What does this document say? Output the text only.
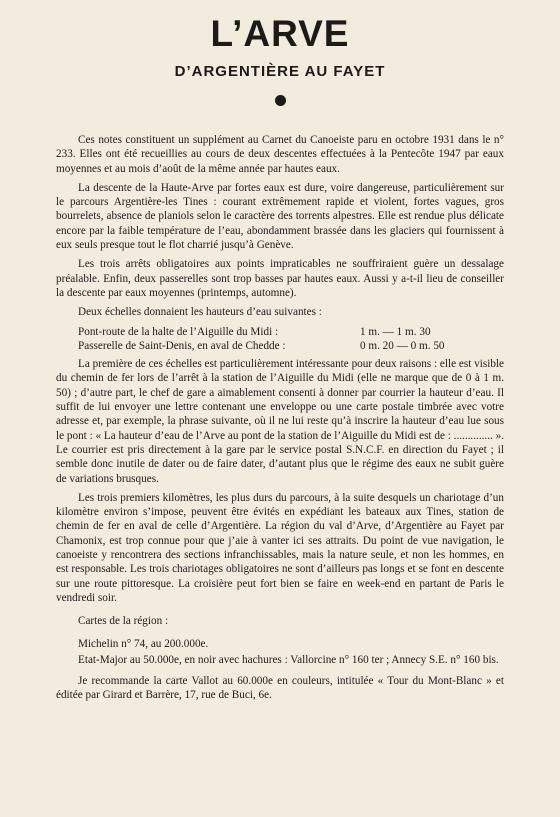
L’ARVE
D’ARGENTIÈRE AU FAYET

Ces notes constituent un supplément au Carnet du Canoeiste paru en octobre 1931 dans le n° 233. Elles ont été recueillies au cours de deux descentes effectuées à la Pentecôte 1947 par eaux moyennes et au mois d’août de la même année par hautes eaux.

La descente de la Haute-Arve par fortes eaux est dure, voire dangereuse, particulièrement sur le parcours Argentière-les Tines : courant extrêmement rapide et violent, fortes vagues, gros bourrelets, absence de planiols selon le caractère des torrents alpestres. Elle est rendue plus délicate encore par la faible température de l’eau, abondamment brassée dans les glaciers qui fournissent à eux seuls presque tout le flot charrié jusqu’à Genève.

Les trois arrêts obligatoires aux points impraticables ne souffriraient guère un dessalage préalable. Enfin, deux passerelles sont trop basses par hautes eaux. Aussi y a-t-il lieu de conseiller la descente par eaux moyennes (printemps, automne).

Deux échelles donnaient les hauteurs d’eau suivantes :

Pont-route de la halte de l’Aiguille du Midi :	1 m. — 1 m. 30
Passerelle de Saint-Denis, en aval de Chedde :	0 m. 20 — 0 m. 50

La première de ces échelles est particulièrement intéressante pour deux raisons : elle est visible du chemin de fer lors de l’arrêt à la station de l’Aiguille du Midi (elle ne marque que de 0 à 1 m. 50) ; d’autre part, le chef de gare a aimablement consenti à donner par courrier la hauteur d’eau. Il suffit de lui envoyer une lettre contenant une enveloppe ou une carte postale timbrée avec votre adresse et, par exemple, la phrase suivante, où il ne lui reste qu’à inscrire la hauteur d’eau lue sous le pont : « La hauteur d’eau de l’Arve au pont de la station de l’Aiguille du Midi est de : .............. ». Le courrier est pris directement à la gare par le service postal S.N.C.F. en direction du Fayet ; il semble donc inutile de dater ou de faire dater, d’autant plus que le régime des eaux ne subit guère de variations brusques.

Les trois premiers kilomètres, les plus durs du parcours, à la suite desquels un chariotage d’un kilomètre environ s’impose, peuvent être évités en expédiant les bateaux aux Tines, station de chemin de fer en aval de celle d’Argentière. La région du val d’Arve, d’Argentière au Fayet par Chamonix, est trop connue pour que j’aie à vanter ici ses attraits. Du point de vue navigation, le canoeiste y rencontrera des sections infranchissables, mais la nature seule, et non les hommes, en est responsable. Les trois chariotages obligatoires ne sont d’ailleurs pas longs et se font en descente sur une route pittoresque. La croisière peut fort bien se faire en week-end en partant de Paris le vendredi soir.

Cartes de la région :

Michelin n° 74, au 200.000e.

Etat-Major au 50.000e, en noir avec hachures : Vallorcine n° 160 ter ; Annecy S.E. n° 160 bis.

Je recommande la carte Vallot au 60.000e en couleurs, intitulée « Tour du Mont-Blanc » et éditée par Girard et Barrère, 17, rue de Buci, 6e.
